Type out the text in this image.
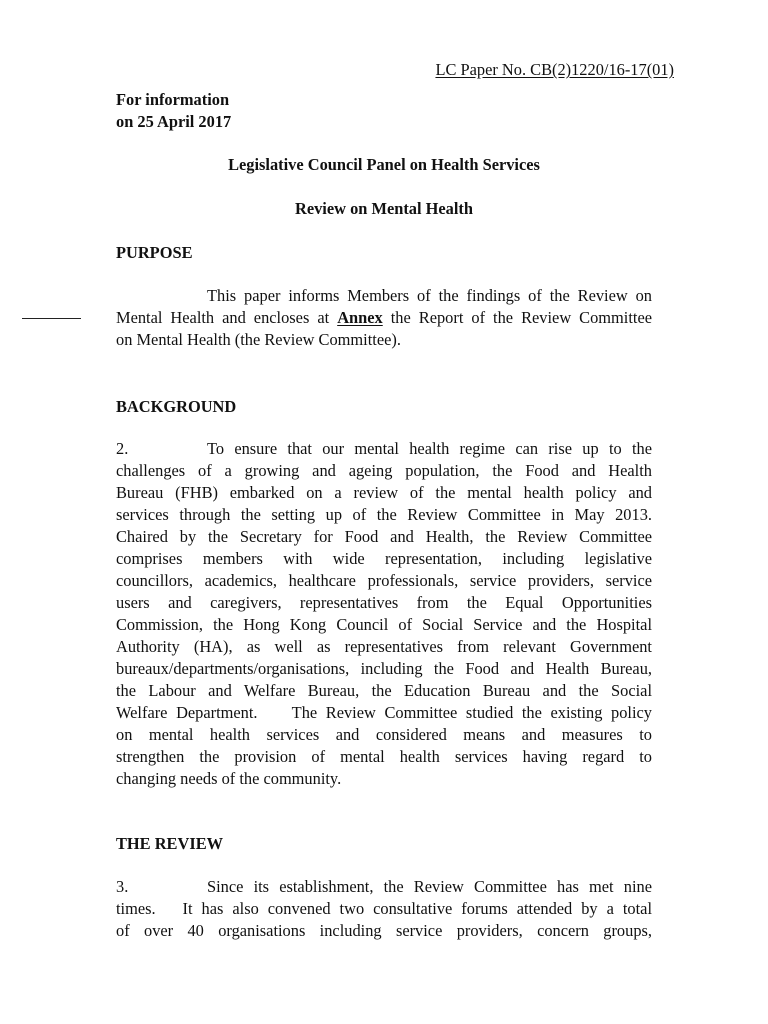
LC Paper No. CB(2)1220/16-17(01)
For information
on 25 April 2017
Legislative Council Panel on Health Services
Review on Mental Health
PURPOSE
This paper informs Members of the findings of the Review on
Mental Health and encloses at Annex the Report of the Review Committee
on Mental Health (the Review Committee).
BACKGROUND
2.	To ensure that our mental health regime can rise up to the
challenges of a growing and ageing population, the Food and Health
Bureau (FHB) embarked on a review of the mental health policy and
services through the setting up of the Review Committee in May 2013.
Chaired by the Secretary for Food and Health, the Review Committee
comprises members with wide representation, including legislative
councillors, academics, healthcare professionals, service providers, service
users and caregivers, representatives from the Equal Opportunities
Commission, the Hong Kong Council of Social Service and the Hospital
Authority (HA), as well as representatives from relevant Government
bureaux/departments/organisations, including the Food and Health Bureau,
the Labour and Welfare Bureau, the Education Bureau and the Social
Welfare Department.    The Review Committee studied the existing policy
on mental health services and considered means and measures to
strengthen the provision of mental health services having regard to
changing needs of the community.
THE REVIEW
3.	Since its establishment, the Review Committee has met nine
times.   It has also convened two consultative forums attended by a total
of over 40 organisations including service providers, concern groups,
